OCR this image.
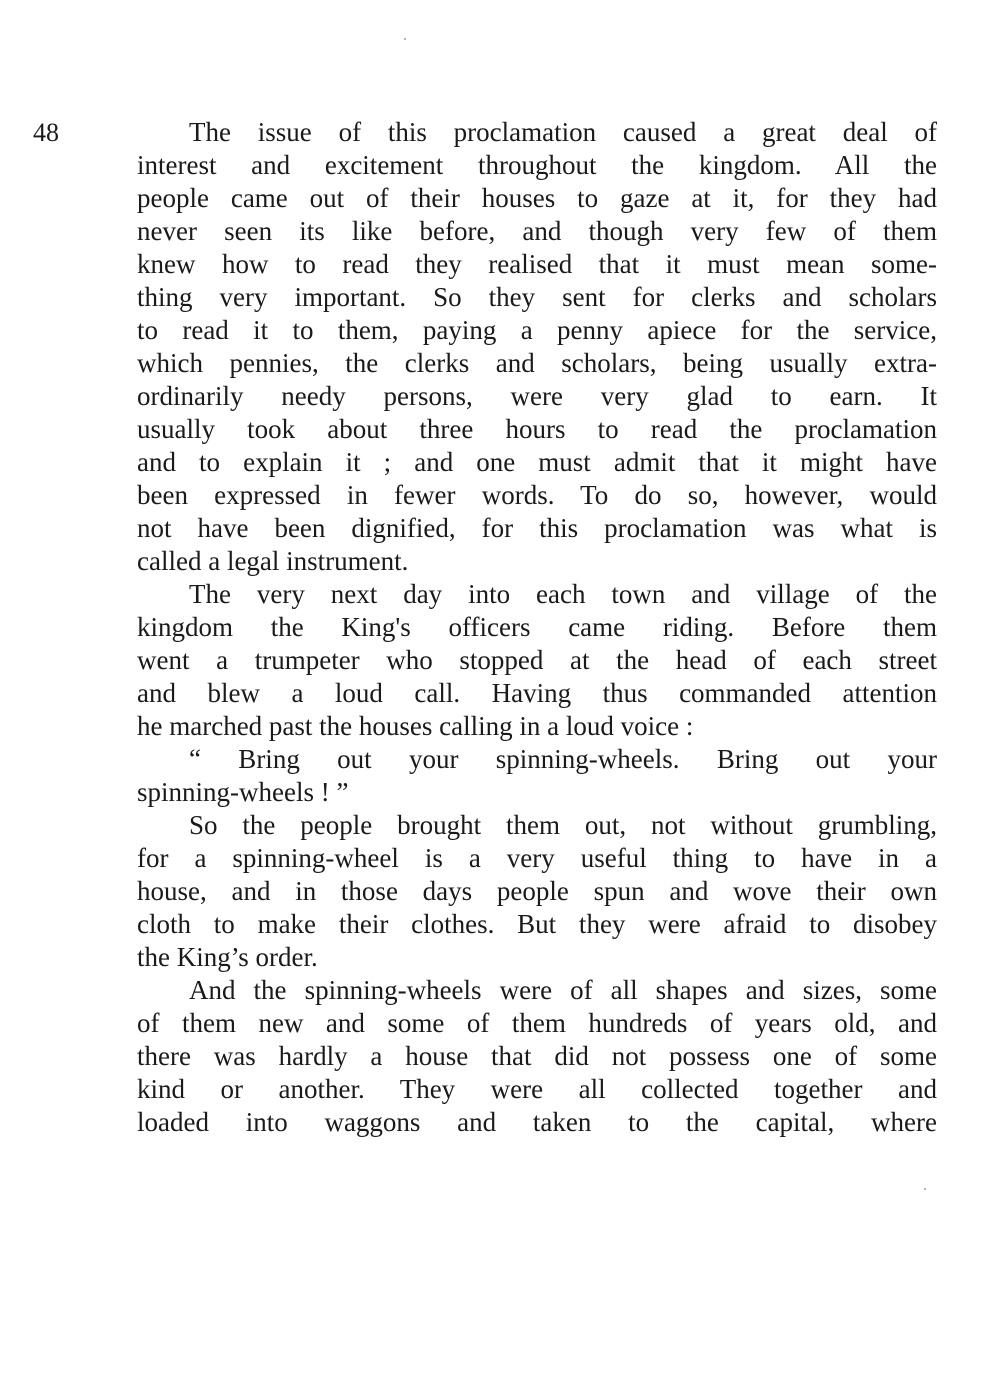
48	The issue of this proclamation caused a great deal of
interest and excitement throughout the kingdom. All the
people came out of their houses to gaze at it, for they had
never seen its like before, and though very few of them
knew how to read they realised that it must mean some-
thing very important. So they sent for clerks and scholars
to read it to them, paying a penny apiece for the service,
which pennies, the clerks and scholars, being usually extra-
ordinarily needy persons, were very glad to earn. It
usually took about three hours to read the proclamation
and to explain it ; and one must admit that it might have
been expressed in fewer words. To do so, however, would
not have been dignified, for this proclamation was what is
called a legal instrument.

The very next day into each town and village of the
kingdom the King's officers came riding. Before them
went a trumpeter who stopped at the head of each street
and blew a loud call. Having thus commanded attention
he marched past the houses calling in a loud voice :

“ Bring out your spinning-wheels. Bring out your
spinning-wheels ! ”

So the people brought them out, not without grumbling,
for a spinning-wheel is a very useful thing to have in a
house, and in those days people spun and wove their own
cloth to make their clothes. But they were afraid to disobey
the King’s order.

And the spinning-wheels were of all shapes and sizes, some
of them new and some of them hundreds of years old, and
there was hardly a house that did not possess one of some
kind or another. They were all collected together and
loaded into waggons and taken to the capital, where
